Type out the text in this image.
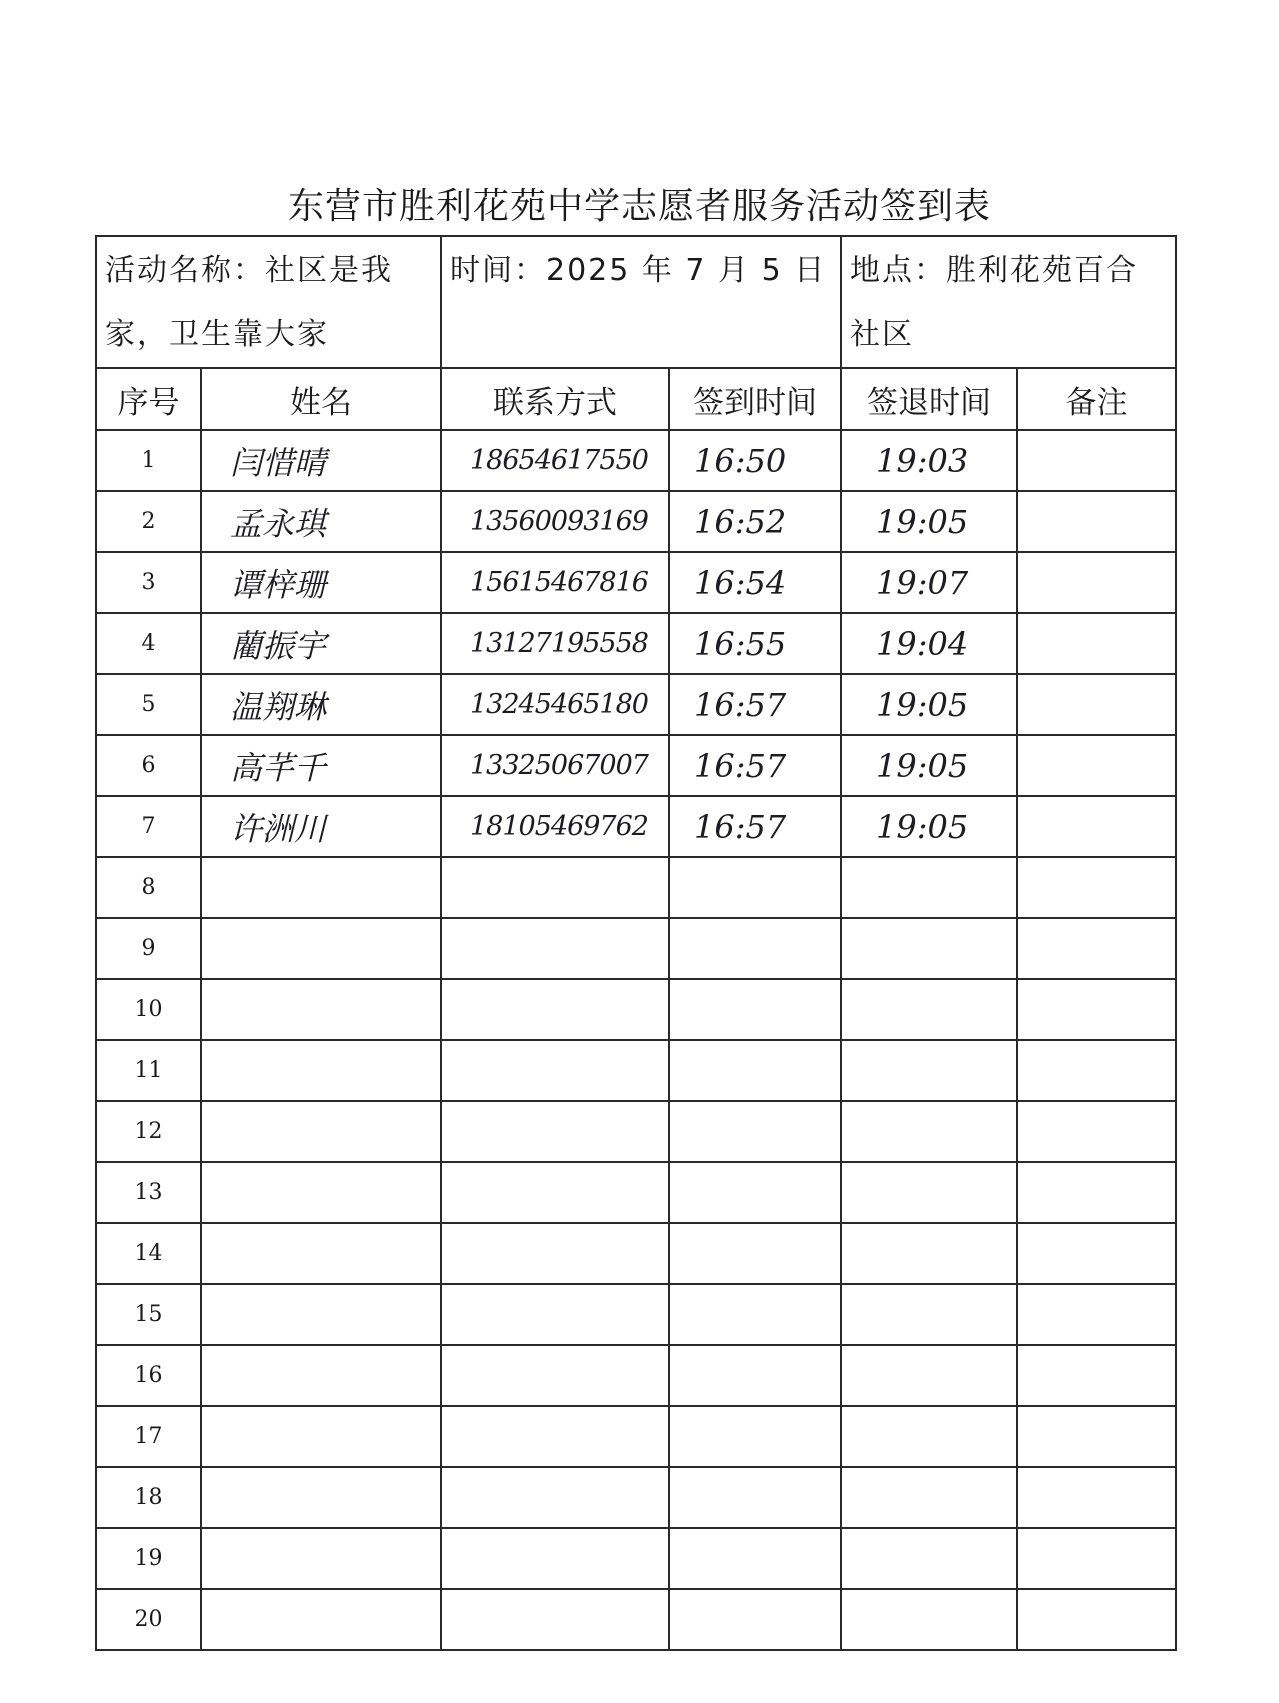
东营市胜利花苑中学志愿者服务活动签到表
活动名称：社区是我家，卫生靠大家		时间：2025 年 7 月 5 日		地点：胜利花苑百合社区	
序号	姓名	联系方式	签到时间	签退时间	备注
1	闫惜晴	18654617550	16:50	19:03	
2	孟永琪	13560093169	16:52	19:05	
3	谭梓珊	15615467816	16:54	19:07	
4	藺振宇	13127195558	16:55	19:04	
5	温翔琳	13245465180	16:57	19:05	
6	高芊千	13325067007	16:57	19:05	
7	许洲川	18105469762	16:57	19:05	
8					
9					
10					
11					
12					
13					
14					
15					
16					
17					
18					
19					
20					
